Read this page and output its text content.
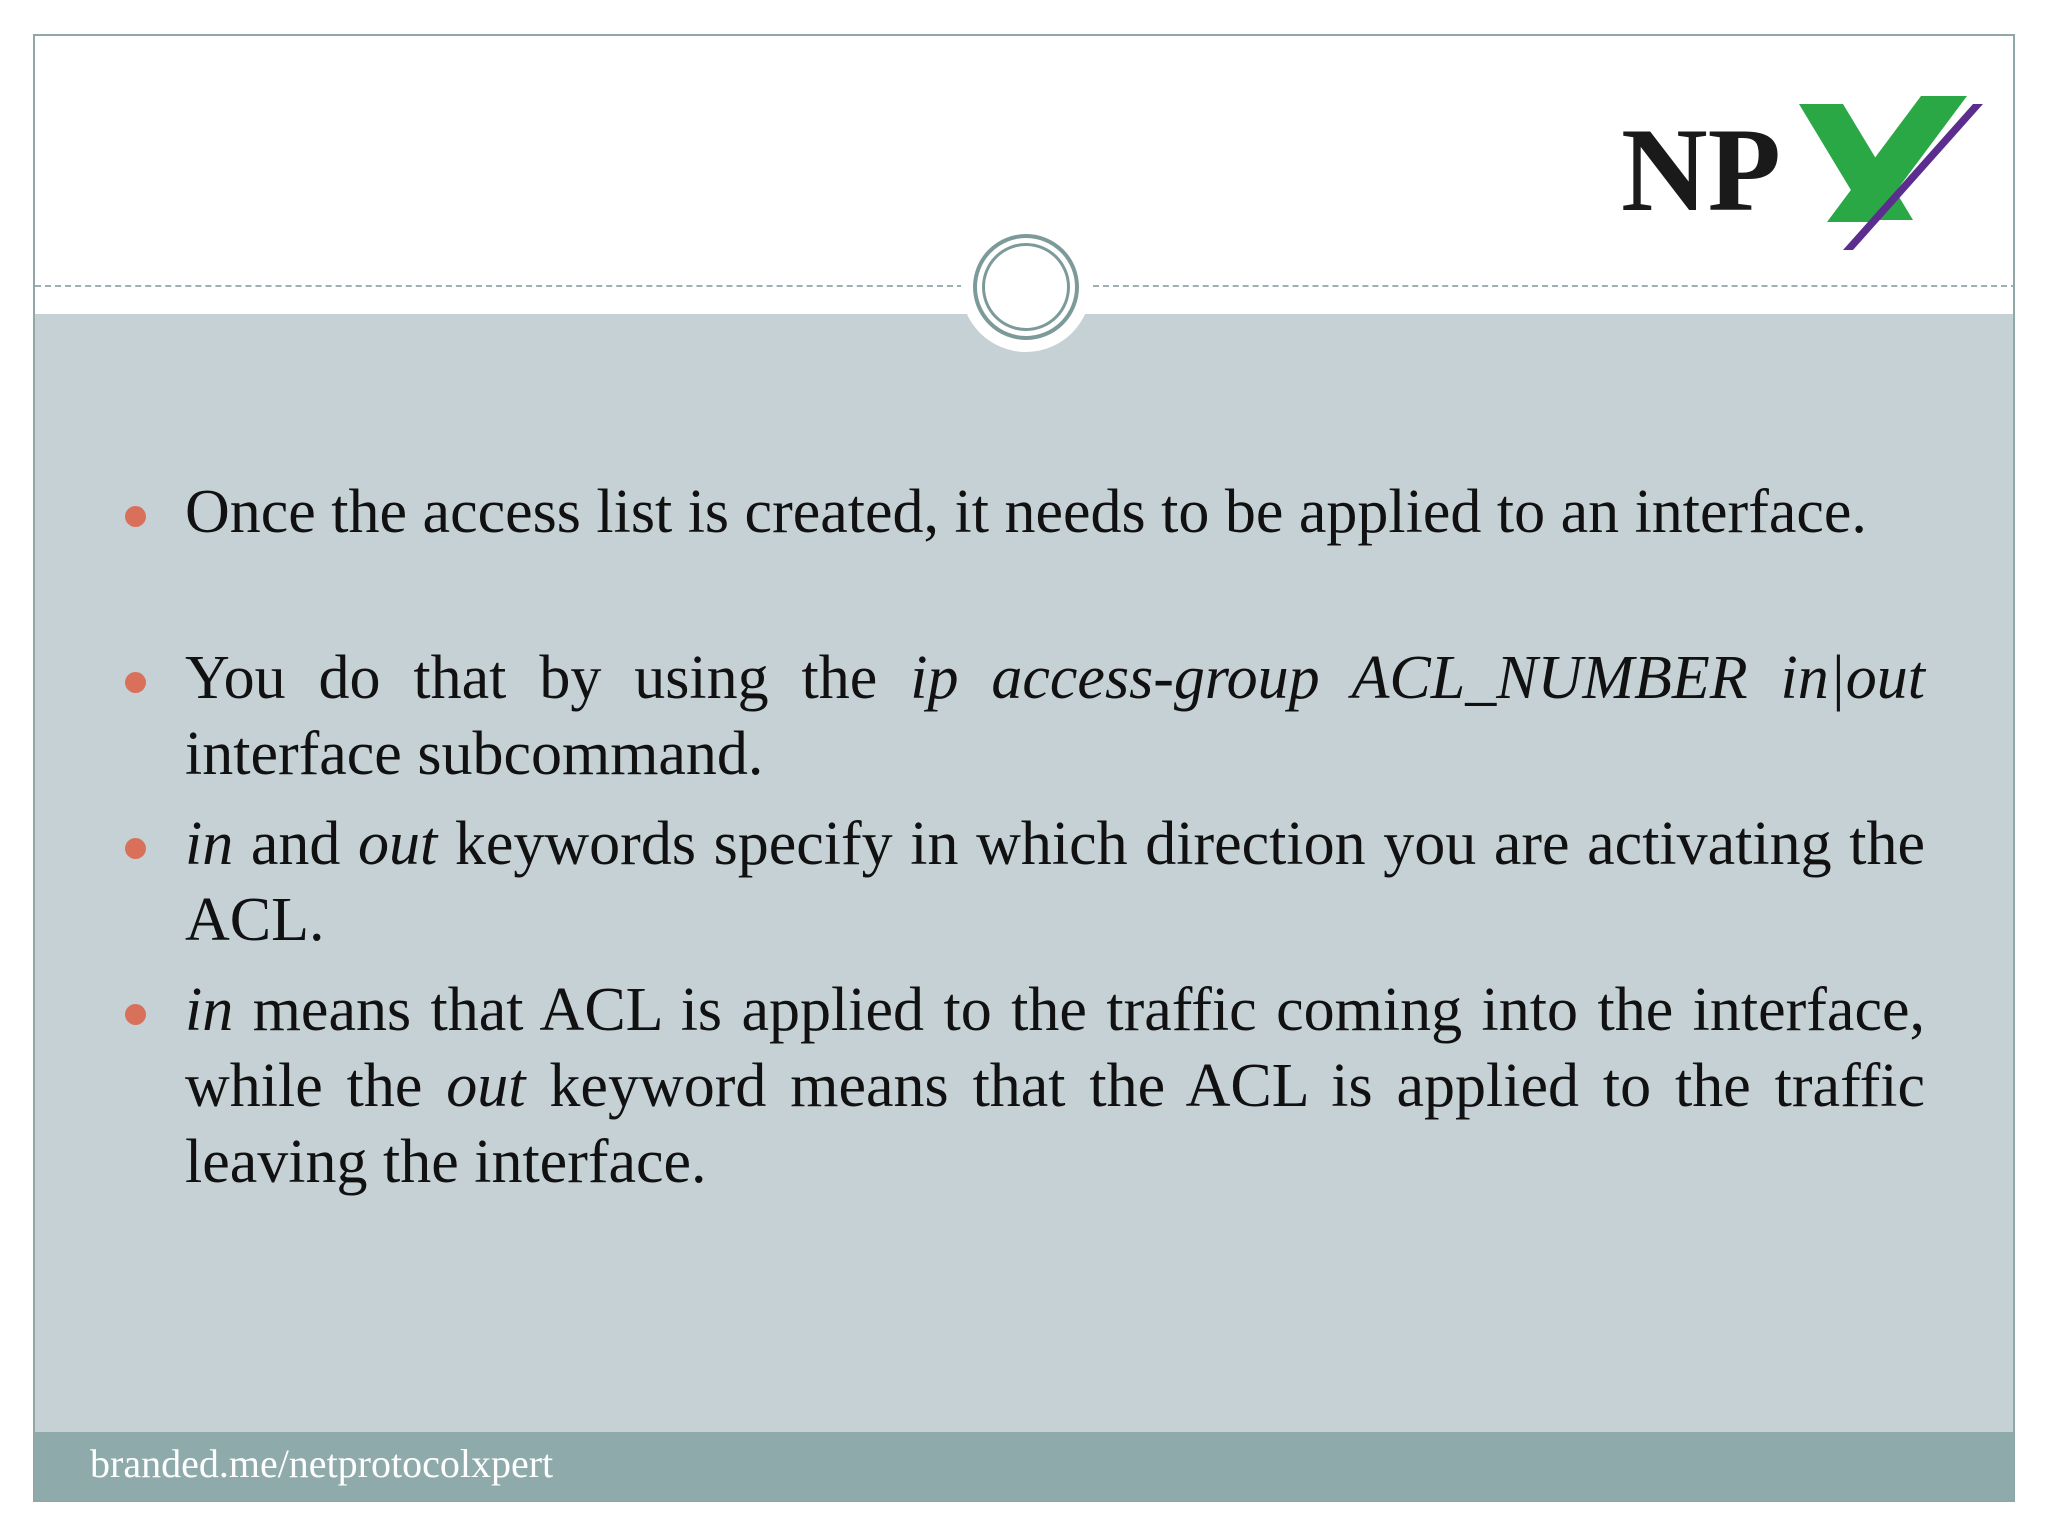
NP
Once the access list is created, it needs to be applied to an interface.
You do that by using the ip access-group ACL_NUMBER in|out interface subcommand.
in and out keywords specify in which direction you are activating the ACL.
in means that ACL is applied to the traffic coming into the interface, while the out keyword means that the ACL is applied to the traffic leaving the interface.
branded.me/netprotocolxpert
